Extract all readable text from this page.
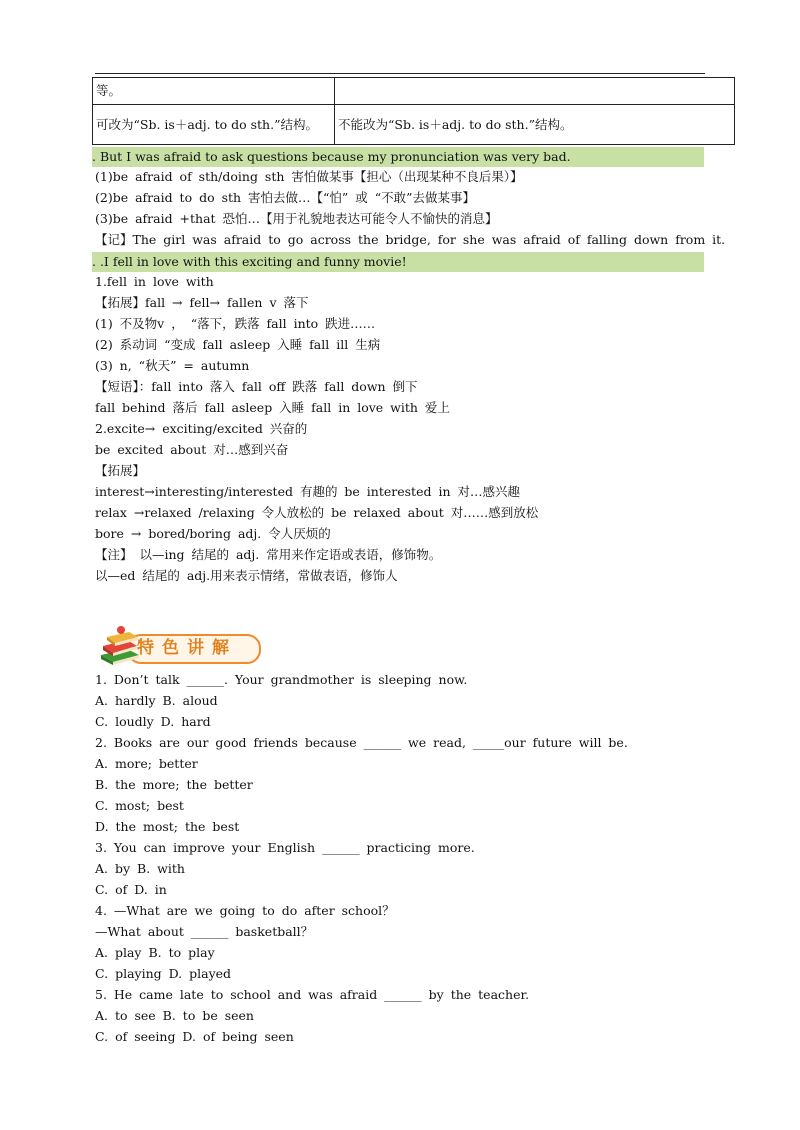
等。	
可改为“Sb. is＋adj. to do sth.”结构。	不能改为“Sb. is＋adj. to do sth.”结构。
. But I was afraid to ask questions because my pronunciation was very bad.
(1)be afraid of sth/doing sth 害怕做某事【担心（出现某种不良后果）】
(2)be afraid to do sth 害怕去做…【“怕” 或 “不敢”去做某事】
(3)be afraid +that 恐怕…【用于礼貌地表达可能令人不愉快的消息】
【记】The girl was afraid to go across the bridge, for she was afraid of falling down from it.
. .I fell in love with this exciting and funny movie!
1.fell in love with
【拓展】fall → fell→ fallen v 落下
(1) 不及物v ， “落下，跌落 fall into 跌进……
(2) 系动词 “变成 fall asleep 入睡 fall ill 生病
(3) n, “秋天” = autumn
【短语】：fall into 落入 fall off 跌落 fall down 倒下
fall behind 落后 fall asleep 入睡 fall in love with 爱上
2.excite→ exciting/excited 兴奋的
be excited about 对…感到兴奋
【拓展】
interest→interesting/interested 有趣的 be interested in 对…感兴趣
relax →relaxed /relaxing 令人放松的 be relaxed about 对……感到放松
bore → bored/boring adj. 令人厌烦的
【注】 以—ing 结尾的 adj. 常用来作定语或表语，修饰物。
以—ed 结尾的 adj.用来表示情绪，常做表语，修饰人
特色讲解
1. Don’t talk ______. Your grandmother is sleeping now.
A. hardly B. aloud
C. loudly D. hard
2. Books are our good friends because ______ we read, _____our future will be.
A. more; better
B. the more; the better
C. most; best
D. the most; the best
3. You can improve your English ______ practicing more.
A. by B. with
C. of D. in
4. —What are we going to do after school？
—What about ______ basketball？
A. play B. to play
C. playing D. played
5. He came late to school and was afraid ______ by the teacher.
A. to see B. to be seen
C. of seeing D. of being seen
